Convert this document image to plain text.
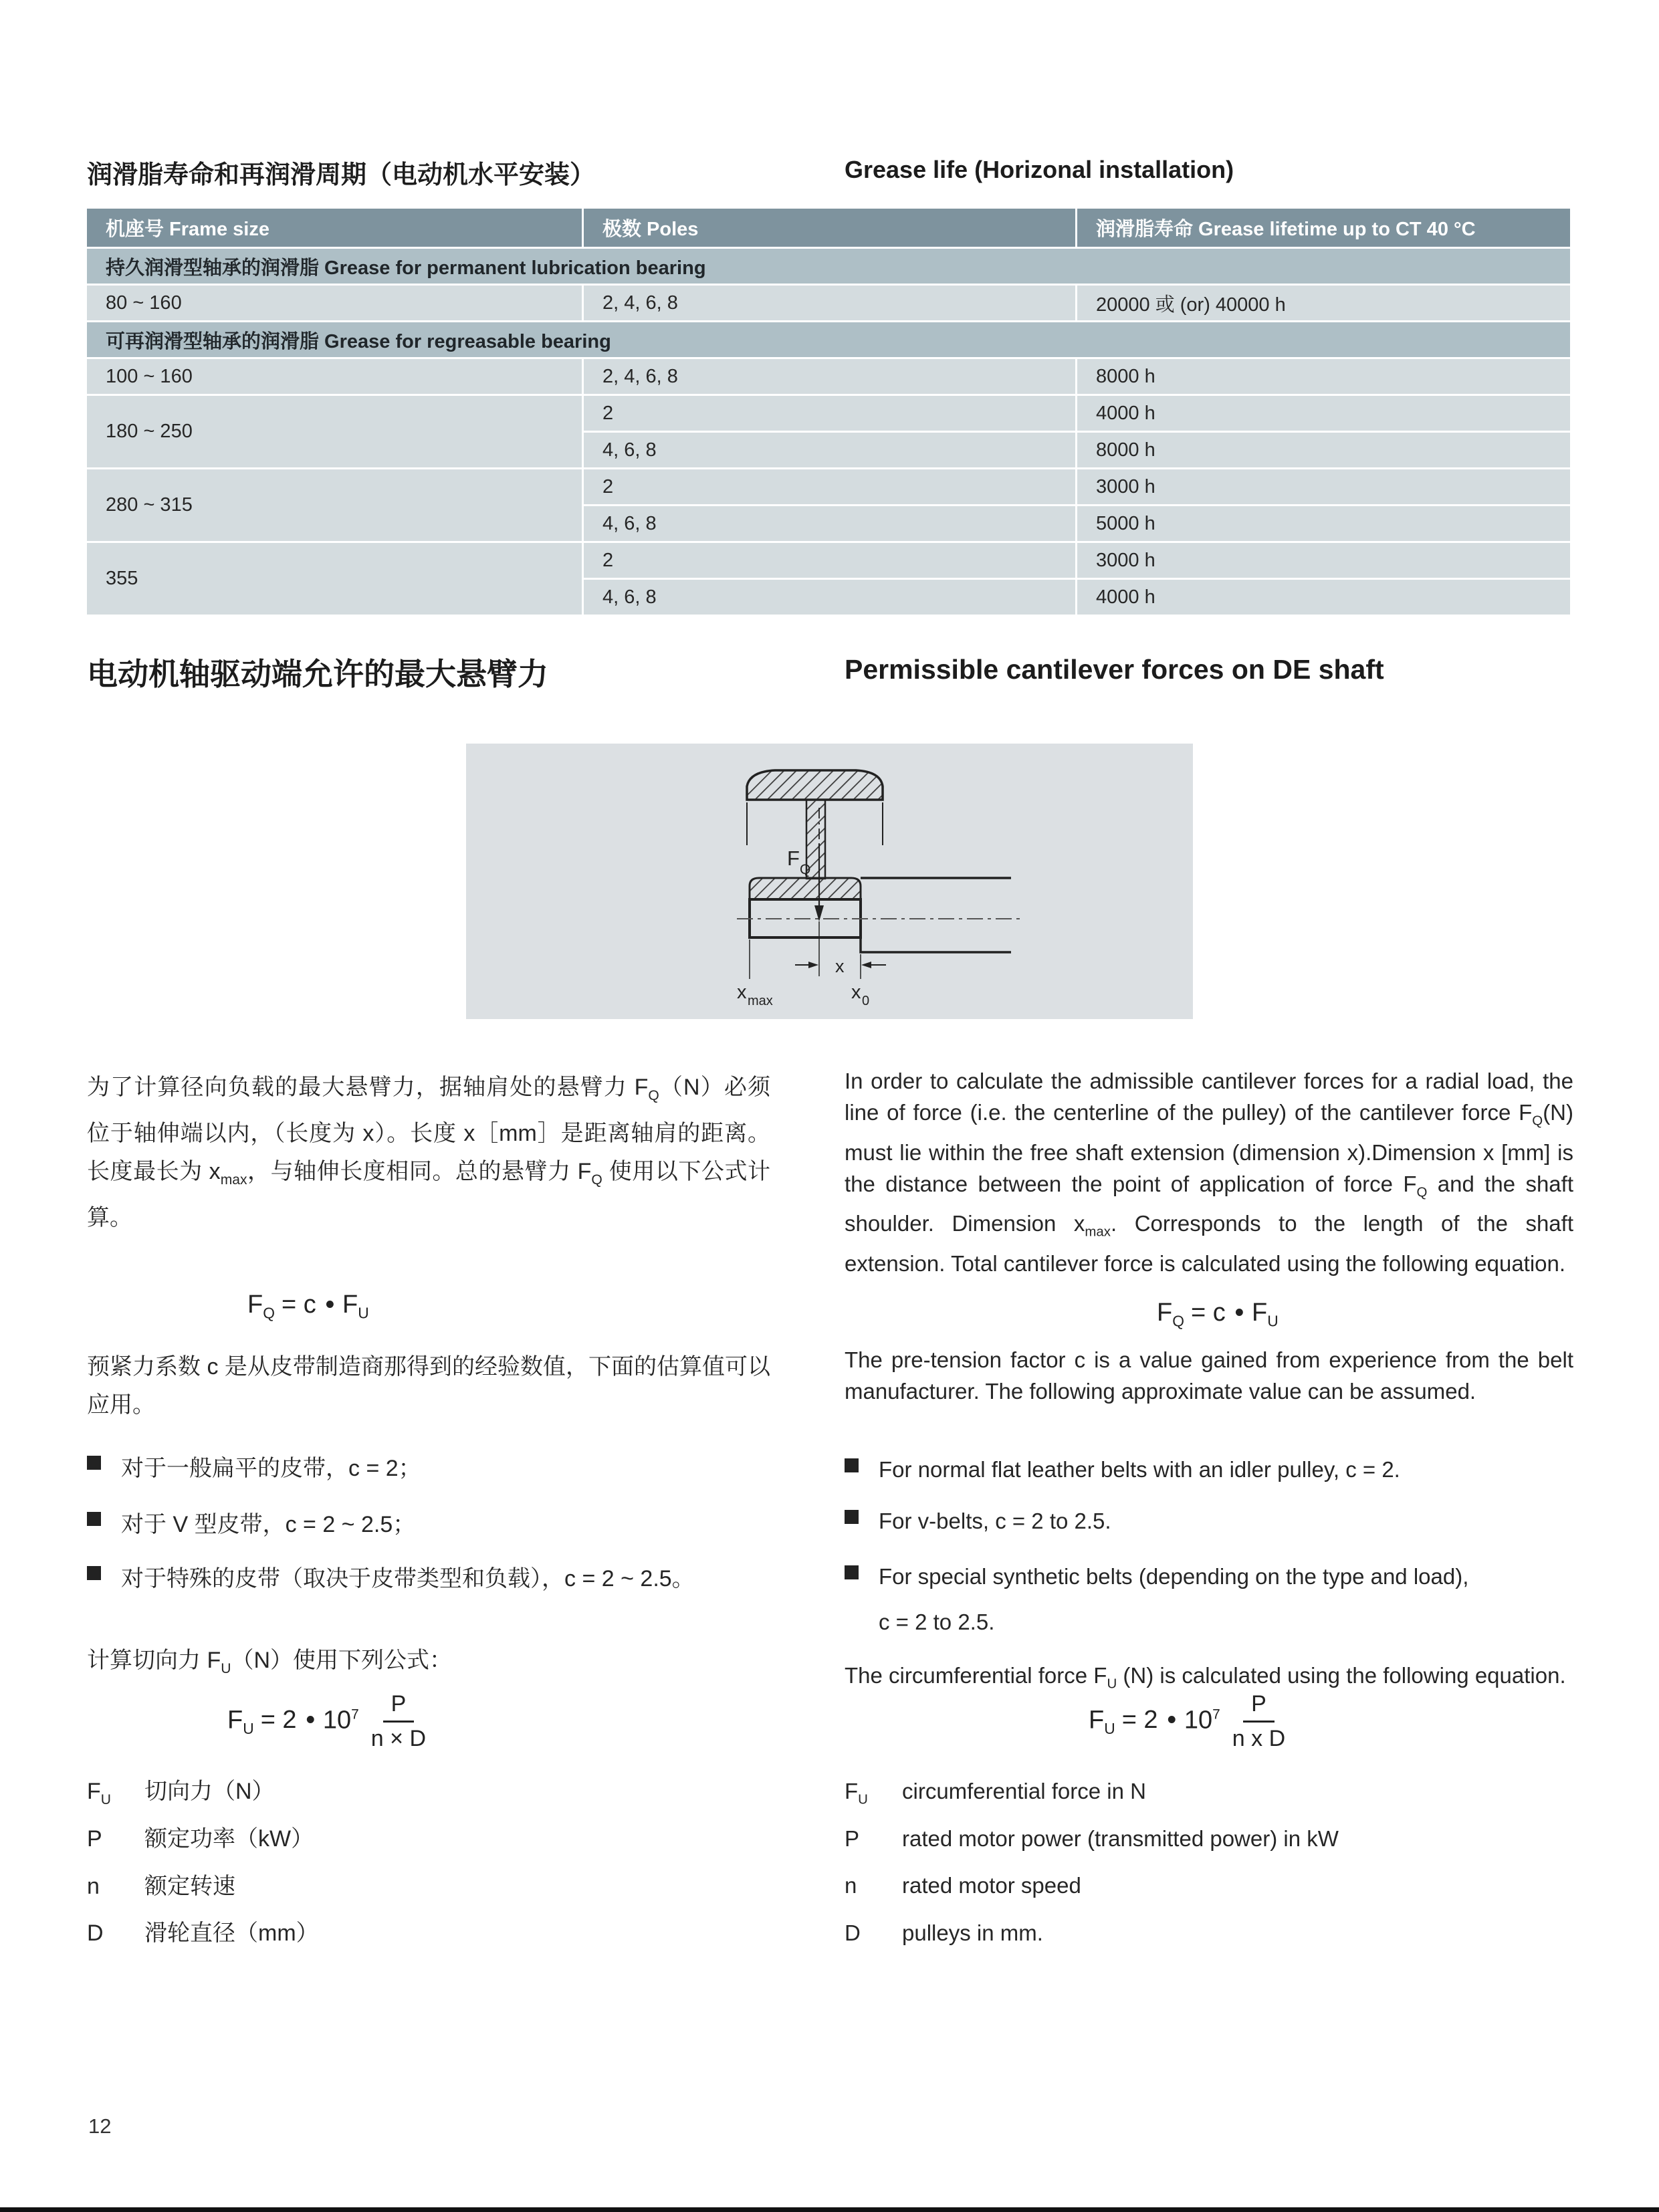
润滑脂寿命和再润滑周期（电动机水平安装）	Grease life (Horizonal installation)
机座号 Frame size	极数 Poles	润滑脂寿命 Grease lifetime up to CT 40 °C
持久润滑型轴承的润滑脂 Grease for permanent lubrication bearing
80 ~ 160	2, 4, 6, 8	20000 或 (or) 40000 h
可再润滑型轴承的润滑脂 Grease for regreasable bearing
100 ~ 160	2, 4, 6, 8	8000 h
180 ~ 250
2	4000 h
4, 6, 8	8000 h
280 ~ 315
2	3000 h
4, 6, 8	5000 h
355
2	3000 h
4, 6, 8	4000 h
电动机轴驱动端允许的最大悬臂力	Permissible cantilever forces on DE shaft
F Q
x
x max	x 0

为了计算径向负载的最大悬臂力，据轴肩处的悬臂力 $F_Q(N)$必须位于轴伸端以内，（长度为 x）。长度 x［mm］是距离轴肩的距离。长度最长为 $x_{max}$，与轴伸长度相同。总的悬臂力 $F_Q$ 使用以下公式计算。

$F_Q = c$ • $F_U$

预紧力系数 c 是从皮带制造商那得到的经验数值，下面的估算值可以应用。

对于一般扁平的皮带，c = 2；
对于 V 型皮带，c = 2 ~ 2.5；
对于特殊的皮带（取决于皮带类型和负载），c = 2 ~ 2.5。

计算切向力 $F_U(N)$使用下列公式：

$F_U = 2$ • $10^7 \frac{P}{n \times D}$
$F_U$	切向力（N）
P	额定功率（kW）
n	额定转速
D	滑轮直径（mm）

In order to calculate the admissible cantilever forces for a radial load, the line of force (i.e. the centerline of the pulley) of the cantilever force $F_Q(N)$ must lie within the free shaft extension (dimension x).Dimension x [mm] is the distance between the point of application of force $F_Q$ and the shaft shoulder. Dimension $x_{max}$. Corresponds to the length of the shaft extension. Total cantilever force is calculated using the following equation.

$F_Q = c$ • $F_U$

The pre-tension factor c is a value gained from experience from the belt manufacturer. The following approximate value can be assumed.

For normal flat leather belts with an idler pulley, c = 2.
For v-belts, c = 2 to 2.5.
For special synthetic belts (depending on the type and load),

c = 2 to 2.5.

The circumferential force $F_U$ (N) is calculated using the following equation.

$F_U = 2$ • $10^7 \frac{P}{\text{n x D}}$
$F_U$	circumferential force in N
P	rated motor power (transmitted power) in kW
n	rated motor speed
D	pulleys in mm.
12
